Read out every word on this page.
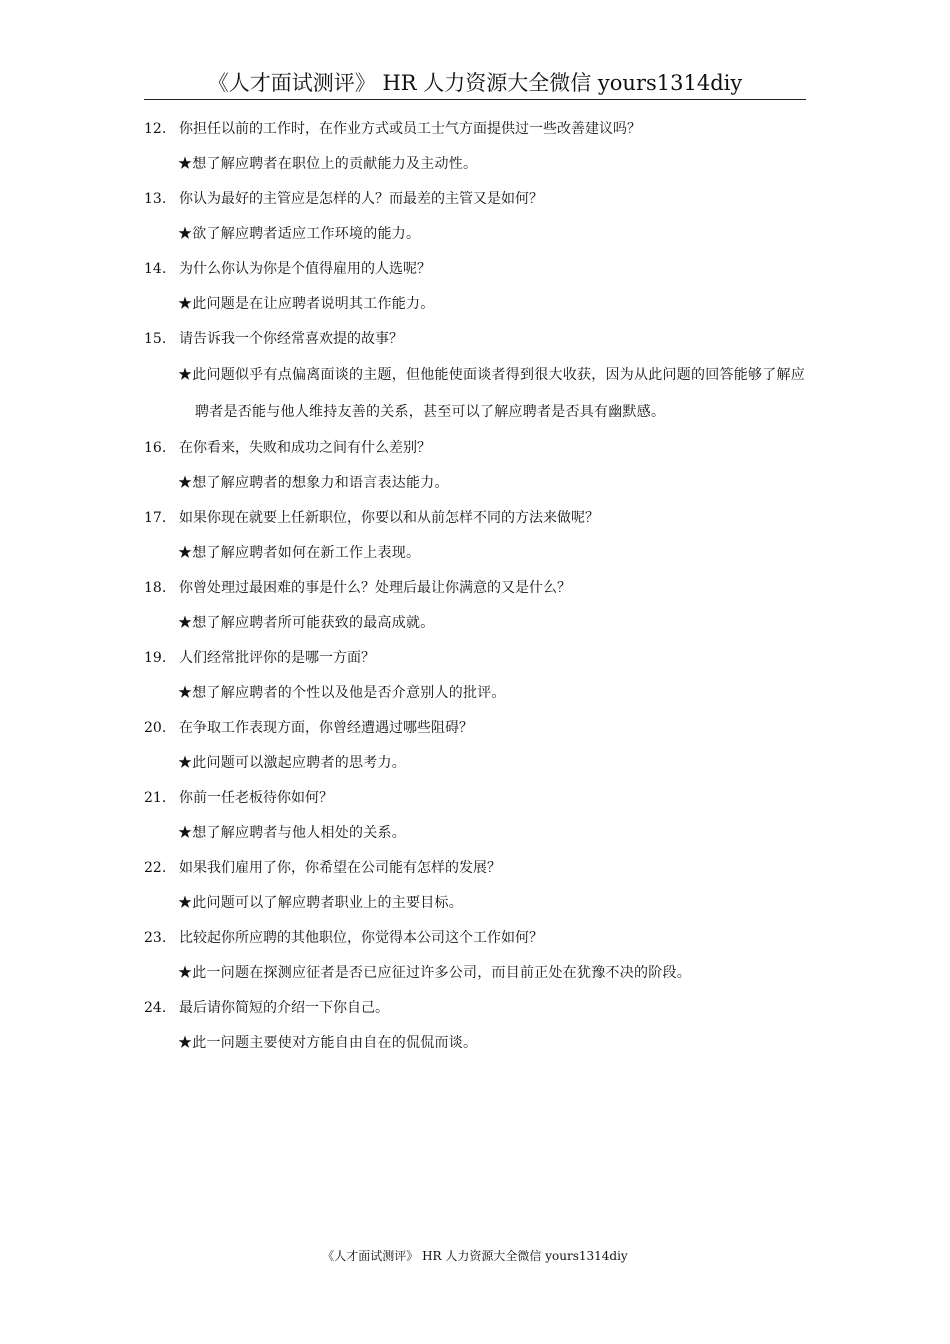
《人才面试测评》 HR 人力资源大全微信 yours1314diy
12. 你担任以前的工作时，在作业方式或员工士气方面提供过一些改善建议吗？
★想了解应聘者在职位上的贡献能力及主动性。
13. 你认为最好的主管应是怎样的人？而最差的主管又是如何？
★欲了解应聘者适应工作环境的能力。
14. 为什么你认为你是个值得雇用的人选呢？
★此问题是在让应聘者说明其工作能力。
15. 请告诉我一个你经常喜欢提的故事？
★此问题似乎有点偏离面谈的主题，但他能使面谈者得到很大收获，因为从此问题的回答能够了解应聘者是否能与他人维持友善的关系，甚至可以了解应聘者是否具有幽默感。
16. 在你看来，失败和成功之间有什么差别？
★想了解应聘者的想象力和语言表达能力。
17. 如果你现在就要上任新职位，你要以和从前怎样不同的方法来做呢？
★想了解应聘者如何在新工作上表现。
18. 你曾处理过最困难的事是什么？处理后最让你满意的又是什么？
★想了解应聘者所可能获致的最高成就。
19. 人们经常批评你的是哪一方面？
★想了解应聘者的个性以及他是否介意别人的批评。
20. 在争取工作表现方面，你曾经遭遇过哪些阻碍？
★此问题可以激起应聘者的思考力。
21. 你前一任老板待你如何？
★想了解应聘者与他人相处的关系。
22. 如果我们雇用了你，你希望在公司能有怎样的发展？
★此问题可以了解应聘者职业上的主要目标。
23. 比较起你所应聘的其他职位，你觉得本公司这个工作如何？
★此一问题在探测应征者是否已应征过许多公司，而目前正处在犹豫不决的阶段。
24. 最后请你简短的介绍一下你自己。
★此一问题主要使对方能自由自在的侃侃而谈。
《人才面试测评》 HR 人力资源大全微信 yours1314diy
